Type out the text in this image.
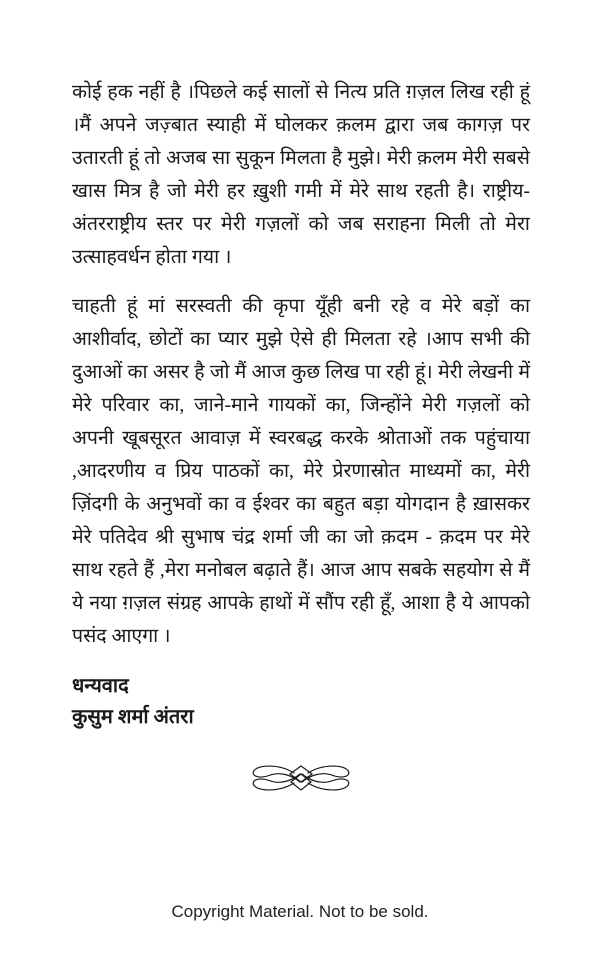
कोई हक नहीं है ।पिछले कई सालों से नित्य प्रति ग़ज़ल लिख रही हूं ।मैं अपने जज़्बात स्याही में घोलकर क़लम द्वारा जब कागज़ पर उतारती हूं तो अजब सा सुकून मिलता है मुझे। मेरी क़लम मेरी सबसे खास मित्र है जो मेरी हर ख़ुशी गमी में मेरे साथ रहती है। राष्ट्रीय-अंतरराष्ट्रीय स्तर पर मेरी गज़लों को जब सराहना मिली तो मेरा उत्साहवर्धन होता गया ।

चाहती हूं मां सरस्वती की कृपा यूँही बनी रहे व मेरे बड़ों का आशीर्वाद, छोटों का प्यार मुझे ऐसे ही मिलता रहे ।आप सभी की दुआओं का असर है जो मैं आज कुछ लिख पा रही हूं। मेरी लेखनी में मेरे परिवार का, जाने-माने गायकों का, जिन्होंने मेरी गज़लों को अपनी खूबसूरत आवाज़ में स्वरबद्ध करके श्रोताओं तक पहुंचाया ,आदरणीय व प्रिय पाठकों का, मेरे प्रेरणास्रोत माध्यमों का, मेरी ज़िंदगी के अनुभवों का व ईश्वर का बहुत बड़ा योगदान है ख़ासकर मेरे पतिदेव श्री सुभाष चंद्र शर्मा जी का जो क़दम - क़दम पर मेरे साथ रहते हैं ,मेरा मनोबल बढ़ाते हैं। आज आप सबके सहयोग से मैं ये नया ग़ज़ल संग्रह आपके हाथों में सौंप रही हूँ, आशा है ये आपको पसंद आएगा ।

धन्यवाद

कुसुम शर्मा अंतरा

Copyright Material. Not to be sold.
